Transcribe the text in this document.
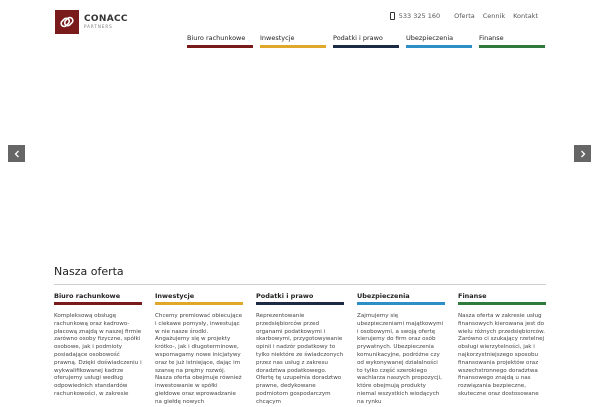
CONACC
PARTNERS
533 325 160 Oferta Cennik Kontakt
Biuro rachunkowe	Inwestycje	Podatki i prawo	Ubezpieczenia	Finanse
Nasza oferta
Biuro rachunkowe
Kompleksową obsługę rachunkową oraz kadrowo-płacową znajdą w naszej firmie zarówno osoby fizyczne, spółki osobowe, jak i podmioty posiadające osobowość prawną. Dzięki doświadczeniu i wykwalifikowanej kadrze oferujemy usługi według odpowiednich standardów rachunkowości, w zakresie
Inwestycje
Chcemy premiować obiecujące i ciekawe pomysły, inwestując w nie nasze środki. Angażujemy się w projekty krótko-, jak i długoterminowe, wspomagamy nowe inicjatywy oraz te już istniejące, dając im szansę na prężny rozwój. Nasza oferta obejmuje również inwestowanie w spółki giełdowe oraz wprowadzanie na giełdę nowych
Podatki i prawo
Reprezentowanie przedsiębiorców przed organami podatkowymi i skarbowymi, przygotowywanie opinii i nadzór podatkowy to tylko niektóre ze świadczonych przez nas usług z zakresu doradztwa podatkowego. Ofertę tę uzupełnia doradztwo prawne, dedykowane podmiotom gospodarczym chcącym
Ubezpieczenia
Zajmujemy się ubezpieczeniami majątkowymi i osobowymi, a swoją ofertę kierujemy do firm oraz osób prywatnych. Ubezpieczenia komunikacyjne, podróżne czy od wykonywanej działalności to tylko część szerokiego wachlarza naszych propozycji, które obejmują produkty niemal wszystkich wiodących na rynku
Finanse
Nasza oferta w zakresie usług finansowych kierowana jest do wielu różnych przedsiębiorców. Zarówno ci szukający rzetelnej obsługi wierzytelności, jak i najkorzystniejszego sposobu finansowania projektów oraz wszechstronnego doradztwa finansowego znajdą u nas rozwiązania bezpieczne, skuteczne oraz dostosowane
